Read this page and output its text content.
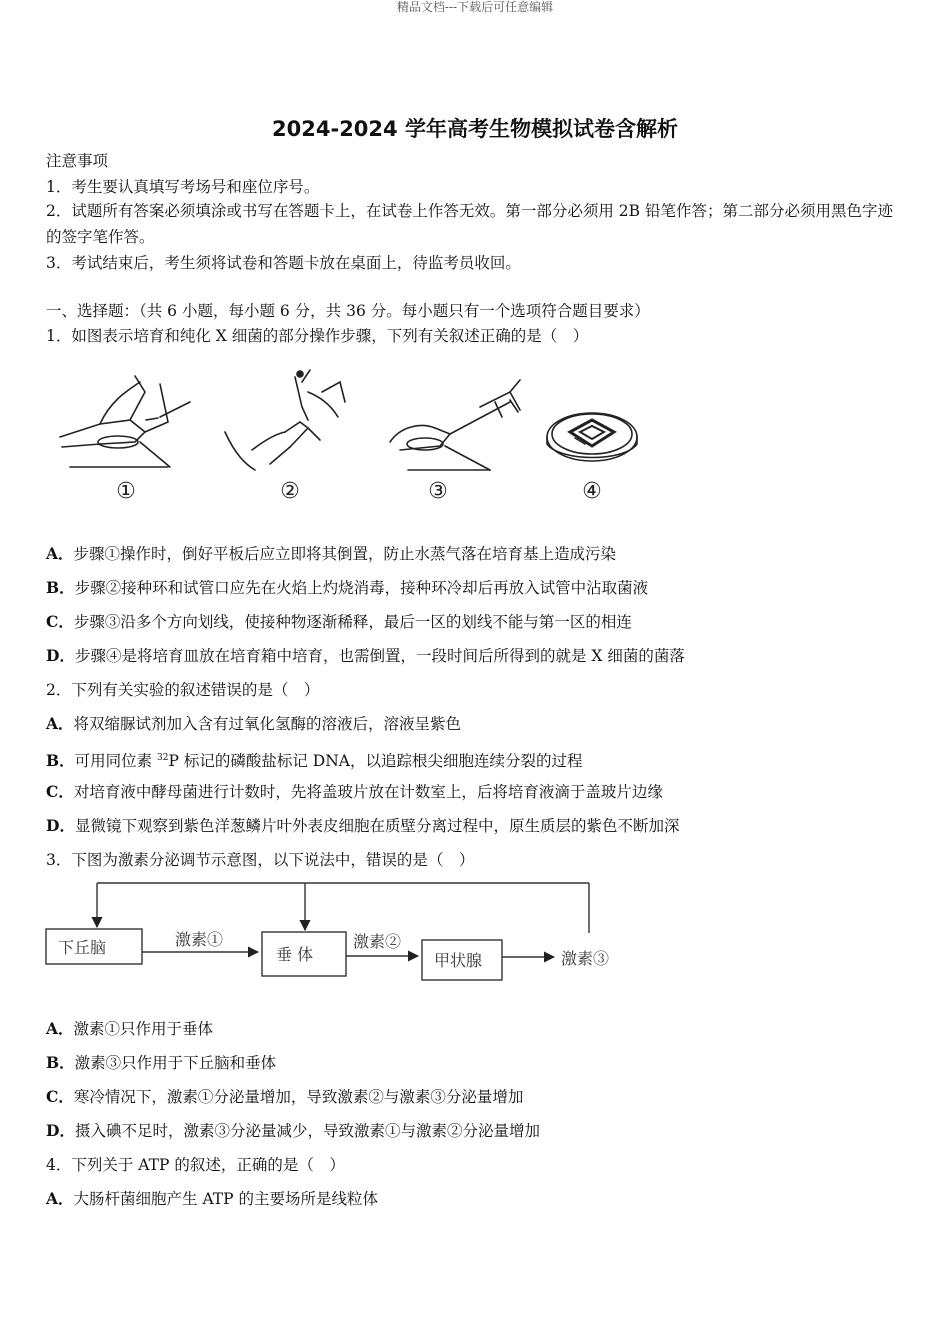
精品文档---下载后可任意编辑
2024-2024 学年高考生物模拟试卷含解析
注意事项
1．考生要认真填写考场号和座位序号。
2．试题所有答案必须填涂或书写在答题卡上，在试卷上作答无效。第一部分必须用 2B 铅笔作答；第二部分必须用黑色字迹的签字笔作答。
3．考试结束后，考生须将试卷和答题卡放在桌面上，待监考员收回。
一、选择题：（共 6 小题，每小题 6 分，共 36 分。每小题只有一个选项符合题目要求）
1．如图表示培育和纯化 X 细菌的部分操作步骤，下列有关叙述正确的是（　）
①	②	③	④
A．步骤①操作时，倒好平板后应立即将其倒置，防止水蒸气落在培育基上造成污染
B．步骤②接种环和试管口应先在火焰上灼烧消毒，接种环冷却后再放入试管中沾取菌液
C．步骤③沿多个方向划线，使接种物逐渐稀释，最后一区的划线不能与第一区的相连
D．步骤④是将培育皿放在培育箱中培育，也需倒置，一段时间后所得到的就是 X 细菌的菌落
2．下列有关实验的叙述错误的是（　）
A．将双缩脲试剂加入含有过氧化氢酶的溶液后，溶液呈紫色
B．可用同位素 $^{32}$P 标记的磷酸盐标记 DNA，以追踪根尖细胞连续分裂的过程
C．对培育液中酵母菌进行计数时，先将盖玻片放在计数室上，后将培育液滴于盖玻片边缘
D．显微镜下观察到紫色洋葱鳞片叶外表皮细胞在质壁分离过程中，原生质层的紫色不断加深
3．下图为激素分泌调节示意图，以下说法中，错误的是（　）
下丘脑	垂 体	甲状腺
激素①	激素②
激素③
A．激素①只作用于垂体
B．激素③只作用于下丘脑和垂体
C．寒冷情况下，激素①分泌量增加，导致激素②与激素③分泌量增加
D．摄入碘不足时，激素③分泌量减少，导致激素①与激素②分泌量增加
4．下列关于 ATP 的叙述，正确的是（　）
A．大肠杆菌细胞产生 ATP 的主要场所是线粒体
